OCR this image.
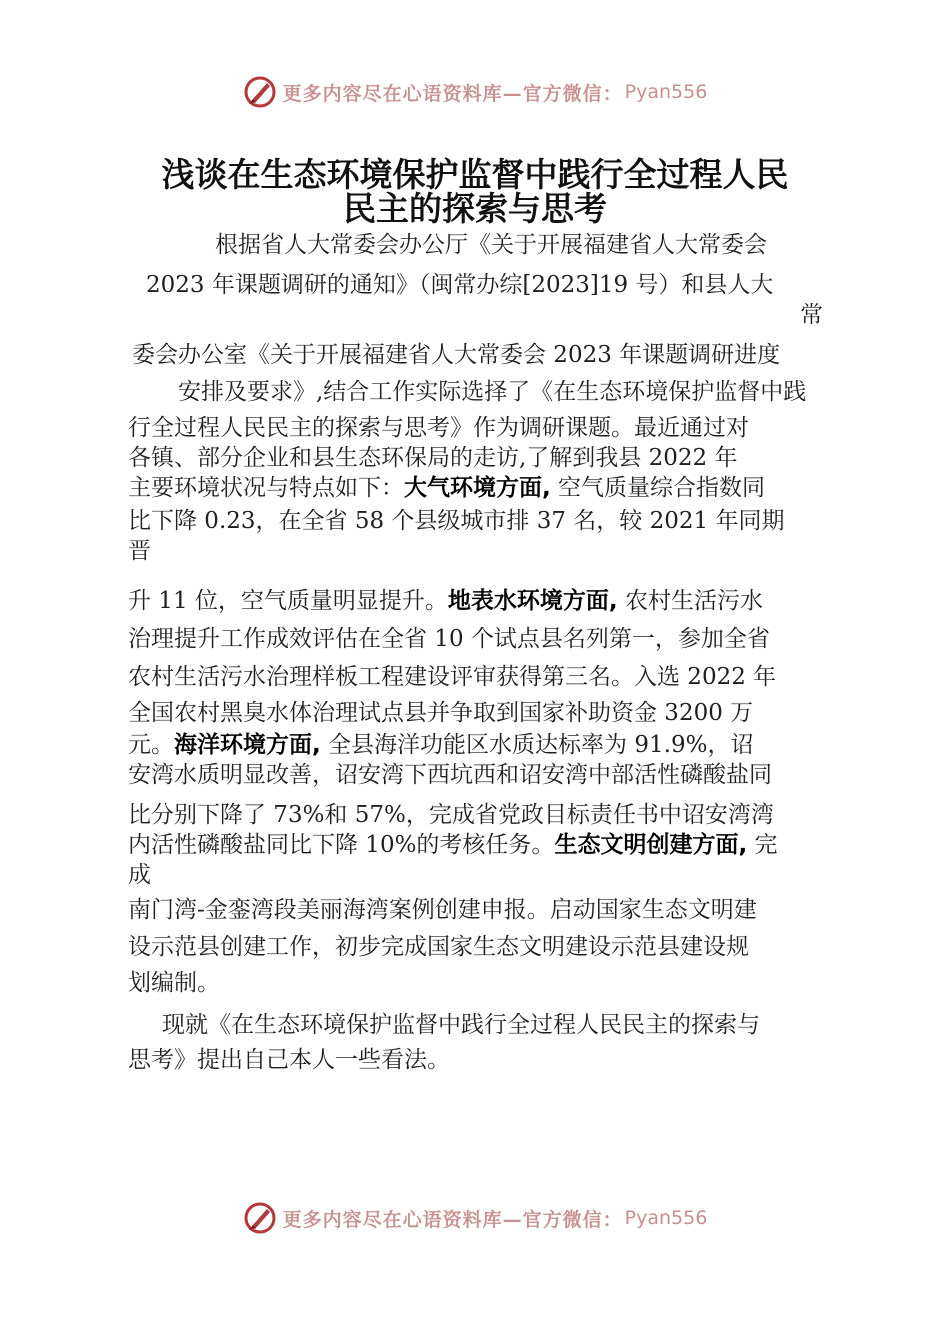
更多内容尽在心语资料库—官方微信： Pyan556
浅谈在生态环境保护监督中践行全过程人民
民主的探索与思考
根据省人大常委会办公厅《关于开展福建省人大常委会
2023 年课题调研的通知》（闽常办综[2023]19 号）和县人大
常
委会办公室《关于开展福建省人大常委会 2023 年课题调研进度
安排及要求》,结合工作实际选择了《在生态环境保护监督中践
行全过程人民民主的探索与思考》作为调研课题。最近通过对
各镇、部分企业和县生态环保局的走访,了解到我县 2022 年
主要环境状况与特点如下：大气环境方面, 空气质量综合指数同
比下降 0.23，在全省 58 个县级城市排 37 名，较 2021 年同期
晋
升 11 位，空气质量明显提升。地表水环境方面, 农村生活污水
治理提升工作成效评估在全省 10 个试点县名列第一，参加全省
农村生活污水治理样板工程建设评审获得第三名。入选 2022 年
全国农村黑臭水体治理试点县并争取到国家补助资金 3200 万
元。海洋环境方面, 全县海洋功能区水质达标率为 91.9%，诏
安湾水质明显改善，诏安湾下西坑西和诏安湾中部活性磷酸盐同
比分别下降了 73%和 57%，完成省党政目标责任书中诏安湾湾
内活性磷酸盐同比下降 10%的考核任务。生态文明创建方面, 完
成
南门湾-金銮湾段美丽海湾案例创建申报。启动国家生态文明建
设示范县创建工作，初步完成国家生态文明建设示范县建设规
划编制。
现就《在生态环境保护监督中践行全过程人民民主的探索与
思考》提出自己本人一些看法。
更多内容尽在心语资料库—官方微信： Pyan556
